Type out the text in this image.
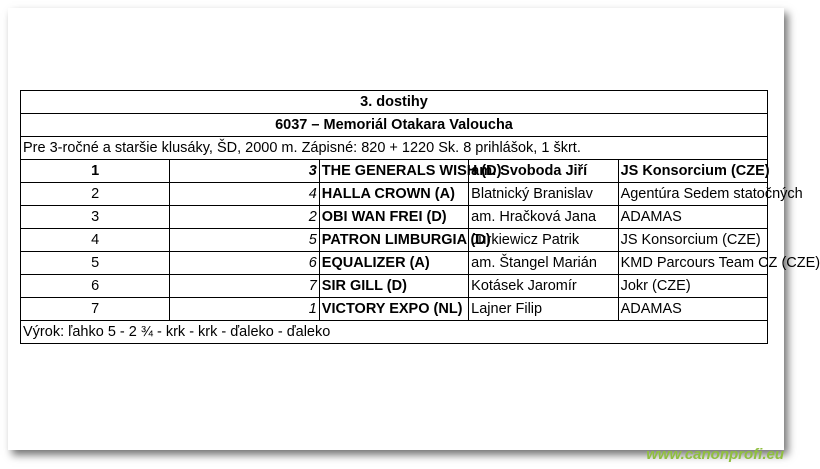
3. dostihy				
6037 – Memoriál Otakara Valoucha				
Pre 3-ročné a staršie klusáky, ŠD, 2000 m. Zápisné: 820 + 1220 Sk. 8 prihlášok, 1 škrt.				
1	3	THE GENERALS WISH (D)	am. Svoboda Jiří	JS Konsorcium (CZE)
2	4	HALLA CROWN (A)	Blatnický Branislav	Agentúra Sedem statočných
3	2	OBI WAN FREI (D)	am. Hračková Jana	ADAMAS
4	5	PATRON LIMBURGIA (D)	Jurkiewicz Patrik	JS Konsorcium (CZE)
5	6	EQUALIZER (A)	am. Štangel Marián	KMD Parcours Team CZ (CZE)
6	7	SIR GILL (D)	Kotásek Jaromír	Jokr (CZE)
7	1	VICTORY EXPO (NL)	Lajner Filip	ADAMAS
Výrok: ľahko 5 - 2 ¾ - krk - krk - ďaleko - ďaleko				
www.canonprofi.eu
